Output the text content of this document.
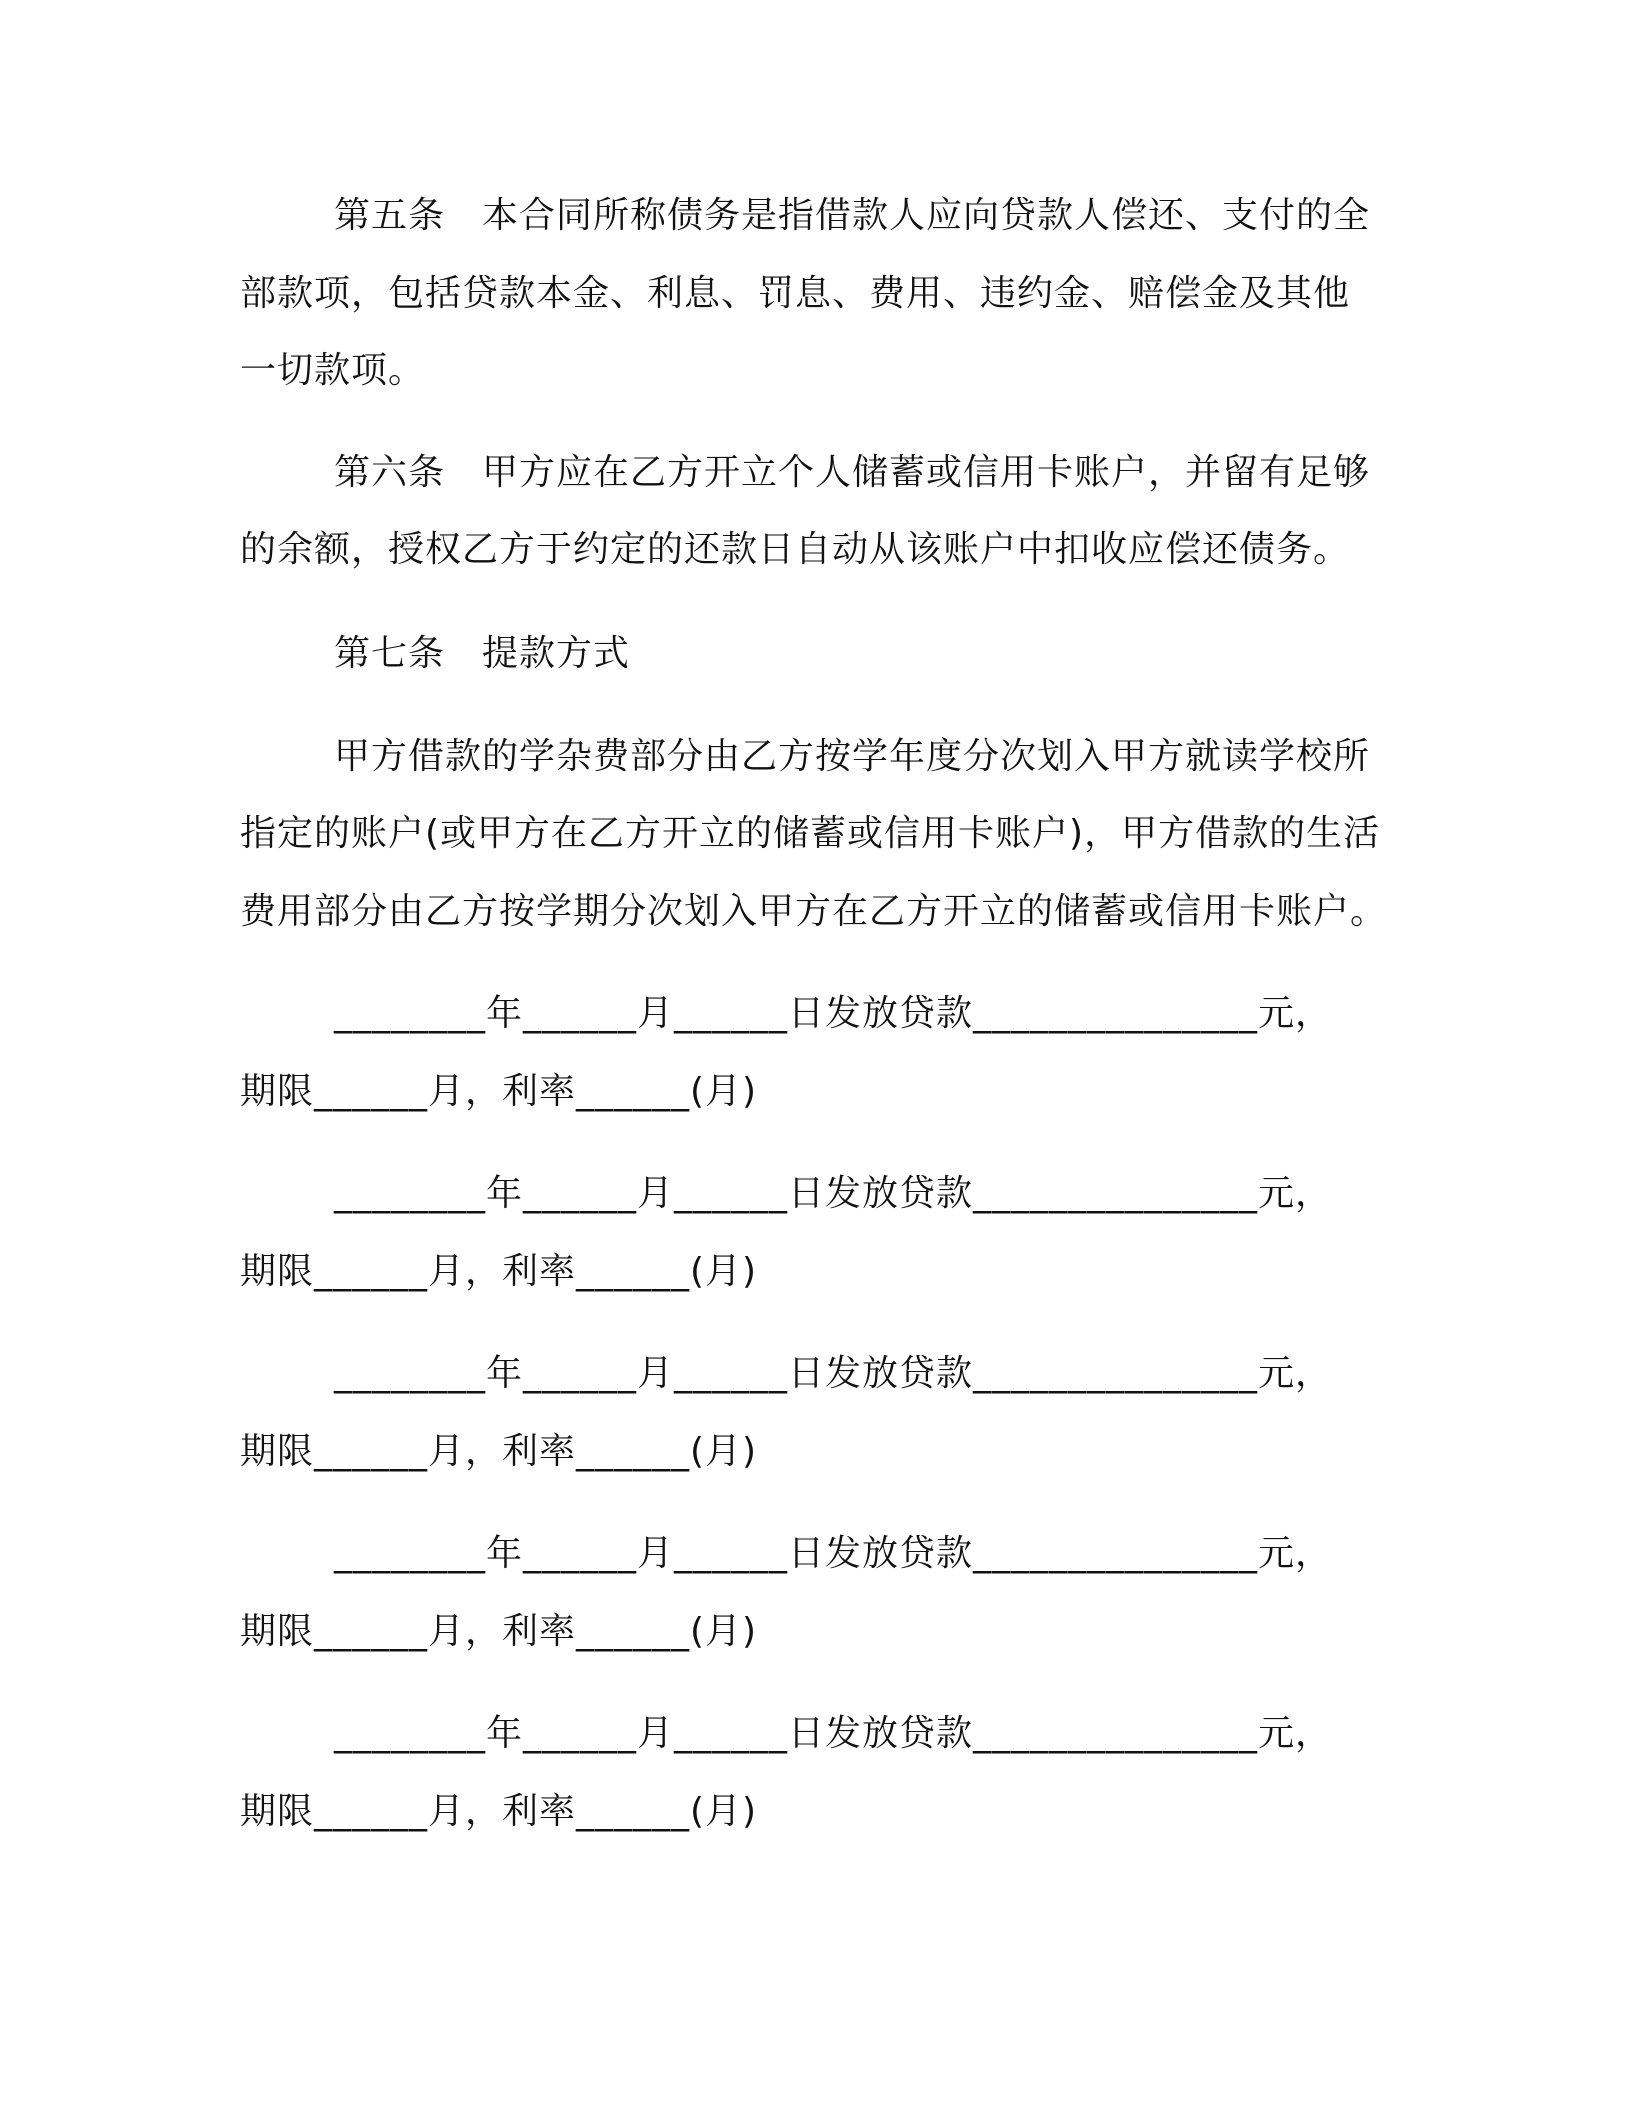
第五条　本合同所称债务是指借款人应向贷款人偿还、支付的全
部款项，包括贷款本金、利息、罚息、费用、违约金、赔偿金及其他
一切款项。
第六条　甲方应在乙方开立个人储蓄或信用卡账户，并留有足够
的余额，授权乙方于约定的还款日自动从该账户中扣收应偿还债务。
第七条　提款方式
甲方借款的学杂费部分由乙方按学年度分次划入甲方就读学校所
指定的账户(或甲方在乙方开立的储蓄或信用卡账户)，甲方借款的生活
费用部分由乙方按学期分次划入甲方在乙方开立的储蓄或信用卡账户。
________年______月______日发放贷款_______________元，
期限______月，利率______(月)
________年______月______日发放贷款_______________元，
期限______月，利率______(月)
________年______月______日发放贷款_______________元，
期限______月，利率______(月)
________年______月______日发放贷款_______________元，
期限______月，利率______(月)
________年______月______日发放贷款_______________元，
期限______月，利率______(月)
